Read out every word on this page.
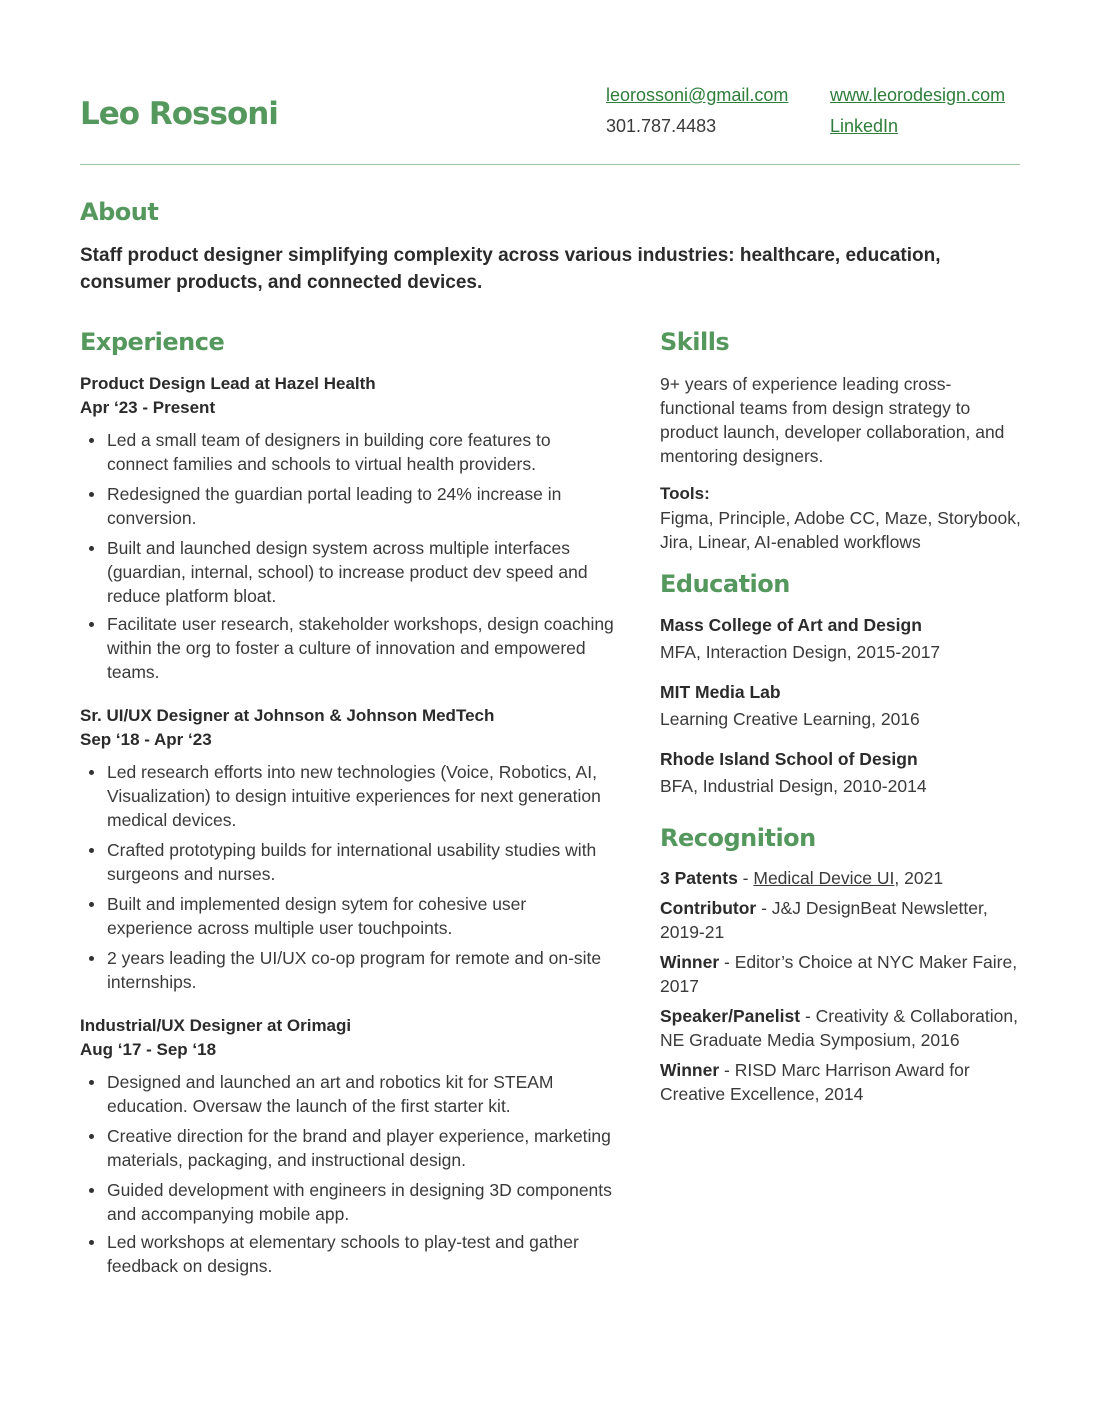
Leo Rossoni
leorossoni@gmail.com
301.787.4483
www.leorodesign.com
LinkedIn
About

Staff product designer simplifying complexity across various industries: healthcare, education, consumer products, and connected devices.

Experience	Skills
Product Design Lead at Hazel Health
Apr ‘23 - Present
Led a small team of designers in building core features to connect families and schools to virtual health providers.
Redesigned the guardian portal leading to 24% increase in conversion.
Built and launched design system across multiple interfaces (guardian, internal, school) to increase product dev speed and reduce platform bloat.
Facilitate user research, stakeholder workshops, design coaching within the org to foster a culture of innovation and empowered teams.
Sr. UI/UX Designer at Johnson & Johnson MedTech
Sep ‘18 - Apr ‘23
Led research efforts into new technologies (Voice, Robotics, AI, Visualization) to design intuitive experiences for next generation medical devices.
Crafted prototyping builds for international usability studies with surgeons and nurses.
Built and implemented design sytem for cohesive user experience across multiple user touchpoints.
2 years leading the UI/UX co-op program for remote and on-site internships.
Industrial/UX Designer at Orimagi
Aug ‘17 - Sep ‘18
Designed and launched an art and robotics kit for STEAM education. Oversaw the launch of the first starter kit.
Creative direction for the brand and player experience, marketing materials, packaging, and instructional design.
Guided development with engineers in designing 3D components and accompanying mobile app.
Led workshops at elementary schools to play-test and gather feedback on designs.

9+ years of experience leading cross-functional teams from design strategy to product launch, developer collaboration, and mentoring designers.

Tools:

Figma, Principle, Adobe CC, Maze, Storybook, Jira, Linear, AI-enabled workflows

Education
Mass College of Art and Design
MFA, Interaction Design, 2015-2017
MIT Media Lab
Learning Creative Learning, 2016
Rhode Island School of Design
BFA, Industrial Design, 2010-2014
Recognition
3 Patents - Medical Device UI, 2021
Contributor - J&J DesignBeat Newsletter, 2019-21
Winner - Editor’s Choice at NYC Maker Faire, 2017
Speaker/Panelist - Creativity & Collaboration, NE Graduate Media Symposium, 2016
Winner - RISD Marc Harrison Award for Creative Excellence, 2014
